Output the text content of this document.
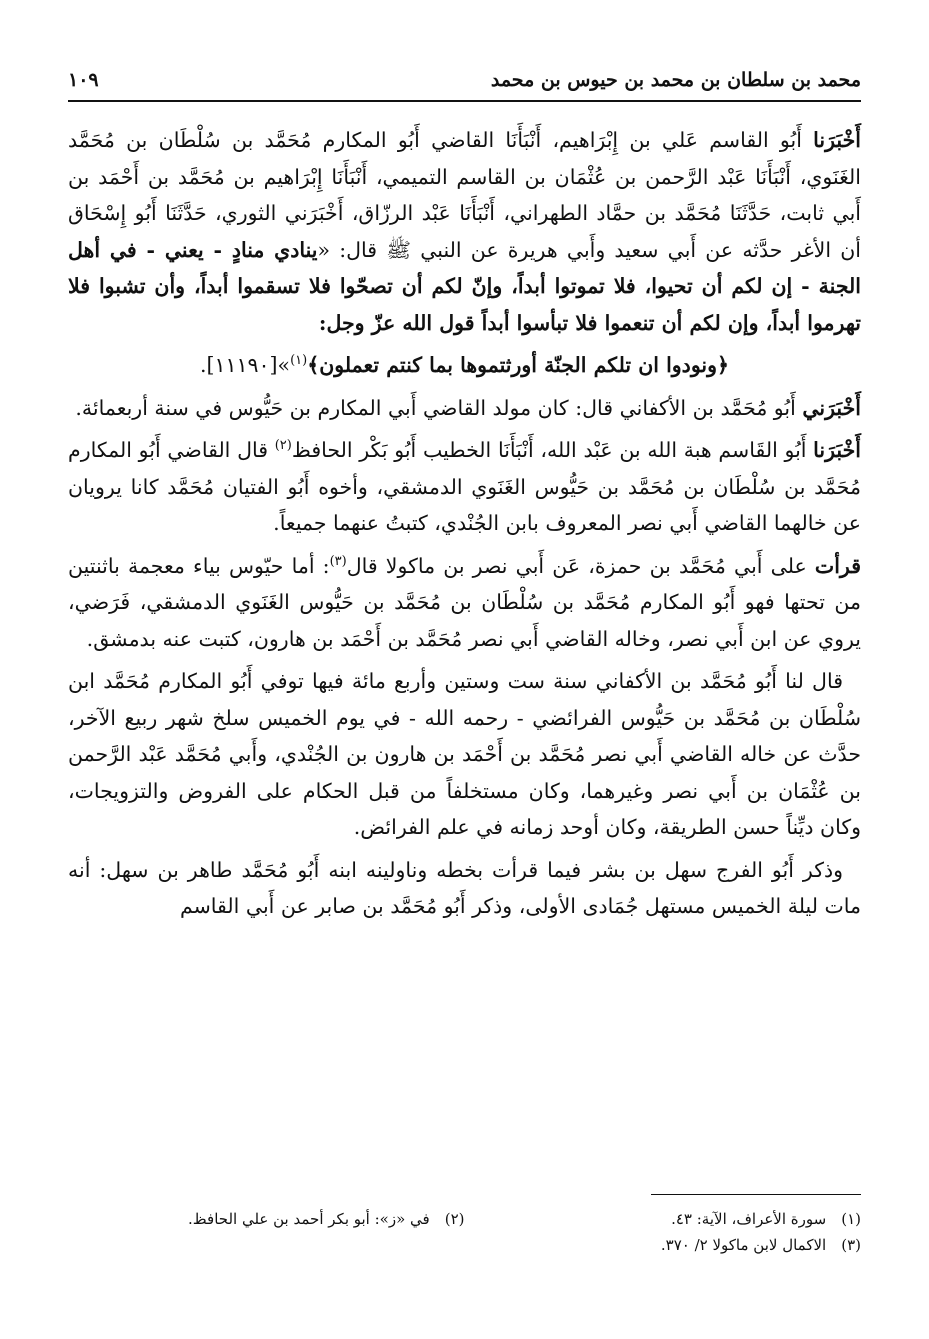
محمد بن سلطان بن محمد بن حيوس بن محمد
١٠٩

أَخْبَرَنا أَبُو القاسم عَلي بن إِبْرَاهيم، أَنْبَأَنَا القاضي أَبُو المكارم مُحَمَّد بن سُلْطَان بن مُحَمَّد الغَنَوي، أَنْبَأَنَا عَبْد الرَّحمن بن عُثْمَان بن القاسم التميمي، أَنْبَأَنَا إِبْرَاهيم بن مُحَمَّد بن أَحْمَد بن أَبي ثابت، حَدَّثَنَا مُحَمَّد بن حمَّاد الطهراني، أَنْبَأَنَا عَبْد الرزّاق، أَخْبَرَني الثوري، حَدَّثَنَا أَبُو إِسْحَاق أن الأغر حدَّثه عن أَبي سعيد وأَبي هريرة عن النبي ﷺ قال: «ينادي منادٍ - يعني - في أهل الجنة - إن لكم أن تحيوا، فلا تموتوا أبداً، وإنّ لكم أن تصحّوا فلا تسقموا أبداً، وأن تشبوا فلا تهرموا أبداً، وإن لكم أن تنعموا فلا تبأسوا أبداً قول الله عزّ وجل:

﴿ونودوا ان تلكم الجنّة أورثتموها بما كنتم تعملون﴾$^{(١)}$»[١١١٩٠].

أَخْبَرَني أَبُو مُحَمَّد بن الأكفاني قال: كان مولد القاضي أَبي المكارم بن حَيُّوس في سنة أربعمائة.

أَخْبَرَنا أَبُو القَاسم هبة الله بن عَبْد الله، أَنْبَأَنَا الخطيب أَبُو بَكْر الحافظ$^{(٢)}$ قال القاضي أَبُو المكارم مُحَمَّد بن سُلْطَان بن مُحَمَّد بن حَيُّوس الغَنَوي الدمشقي، وأخوه أَبُو الفتيان مُحَمَّد كانا يرويان عن خالهما القاضي أَبي نصر المعروف بابن الجُنْدي، كتبتُ عنهما جميعاً.

قرأت على أَبي مُحَمَّد بن حمزة، عَن أَبي نصر بن ماكولا قال$^{(٣)}$: أما حيّوس بياء معجمة باثنتين من تحتها فهو أَبُو المكارم مُحَمَّد بن سُلْطَان بن مُحَمَّد بن حَيُّوس الغَنَوي الدمشقي، فَرَضي، يروي عن ابن أَبي نصر، وخاله القاضي أَبي نصر مُحَمَّد بن أَحْمَد بن هارون، كتبت عنه بدمشق.

قال لنا أَبُو مُحَمَّد بن الأكفاني سنة ست وستين وأربع مائة فيها توفي أَبُو المكارم مُحَمَّد ابن سُلْطَان بن مُحَمَّد بن حَيُّوس الفرائضي - رحمه الله - في يوم الخميس سلخ شهر ربيع الآخر، حدَّث عن خاله القاضي أَبي نصر مُحَمَّد بن أَحْمَد بن هارون بن الجُنْدي، وأَبي مُحَمَّد عَبْد الرَّحمن بن عُثْمَان بن أَبي نصر وغيرهما، وكان مستخلفاً من قبل الحكام على الفروض والتزويجات، وكان ديِّناً حسن الطريقة، وكان أوحد زمانه في علم الفرائض.

وذكر أَبُو الفرج سهل بن بشر فيما قرأت بخطه وناولينه ابنه أَبُو مُحَمَّد طاهر بن سهل: أنه مات ليلة الخميس مستهل جُمَادى الأولى، وذكر أَبُو مُحَمَّد بن صابر عن أَبي القاسم

(١) سورة الأعراف، الآية: ٤٣.
(٢) في «ز»: أبو بكر أحمد بن علي الحافظ.
(٣) الاكمال لابن ماكولا ٢/ ٣٧٠.
